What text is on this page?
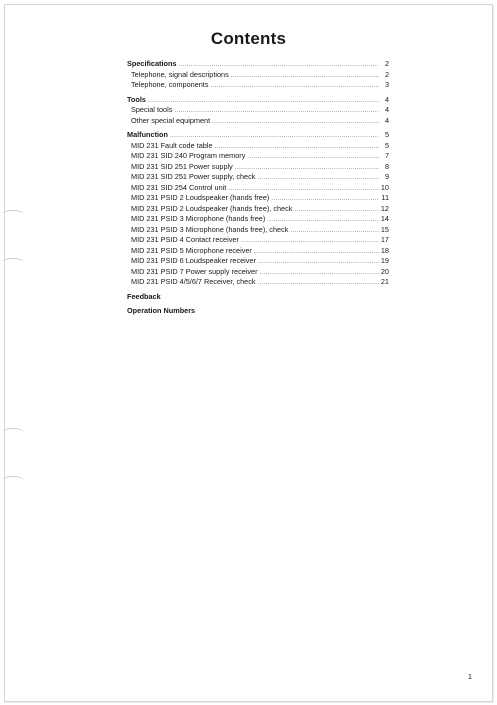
Contents
Specifications .....	2
Telephone, signal descriptions .....	2
Telephone, components .....	3
Tools .....	4
Special tools .....	4
Other special equipment .....	4
Malfunction .....	5
MID 231 Fault code table .....	5
MID 231 SID 240 Program memory .....	7
MID 231 SID 251 Power supply .....	8
MID 231 SID 251 Power supply, check .....	9
MID 231 SID 254 Control unit .....	10
MID 231 PSID 2 Loudspeaker (hands free) .....	11
MID 231 PSID 2 Loudspeaker (hands free), check .....	12
MID 231 PSID 3 Microphone (hands free) .....	14
MID 231 PSID 3 Microphone (hands free), check .....	15
MID 231 PSID 4 Contact receiver .....	17
MID 231 PSID 5 Microphone receiver .....	18
MID 231 PSID 6 Loudspeaker receiver .....	19
MID 231 PSID 7 Power supply receiver .....	20
MID 231 PSID 4/5/6/7 Receiver, check .....	21
Feedback
Operation Numbers
1
